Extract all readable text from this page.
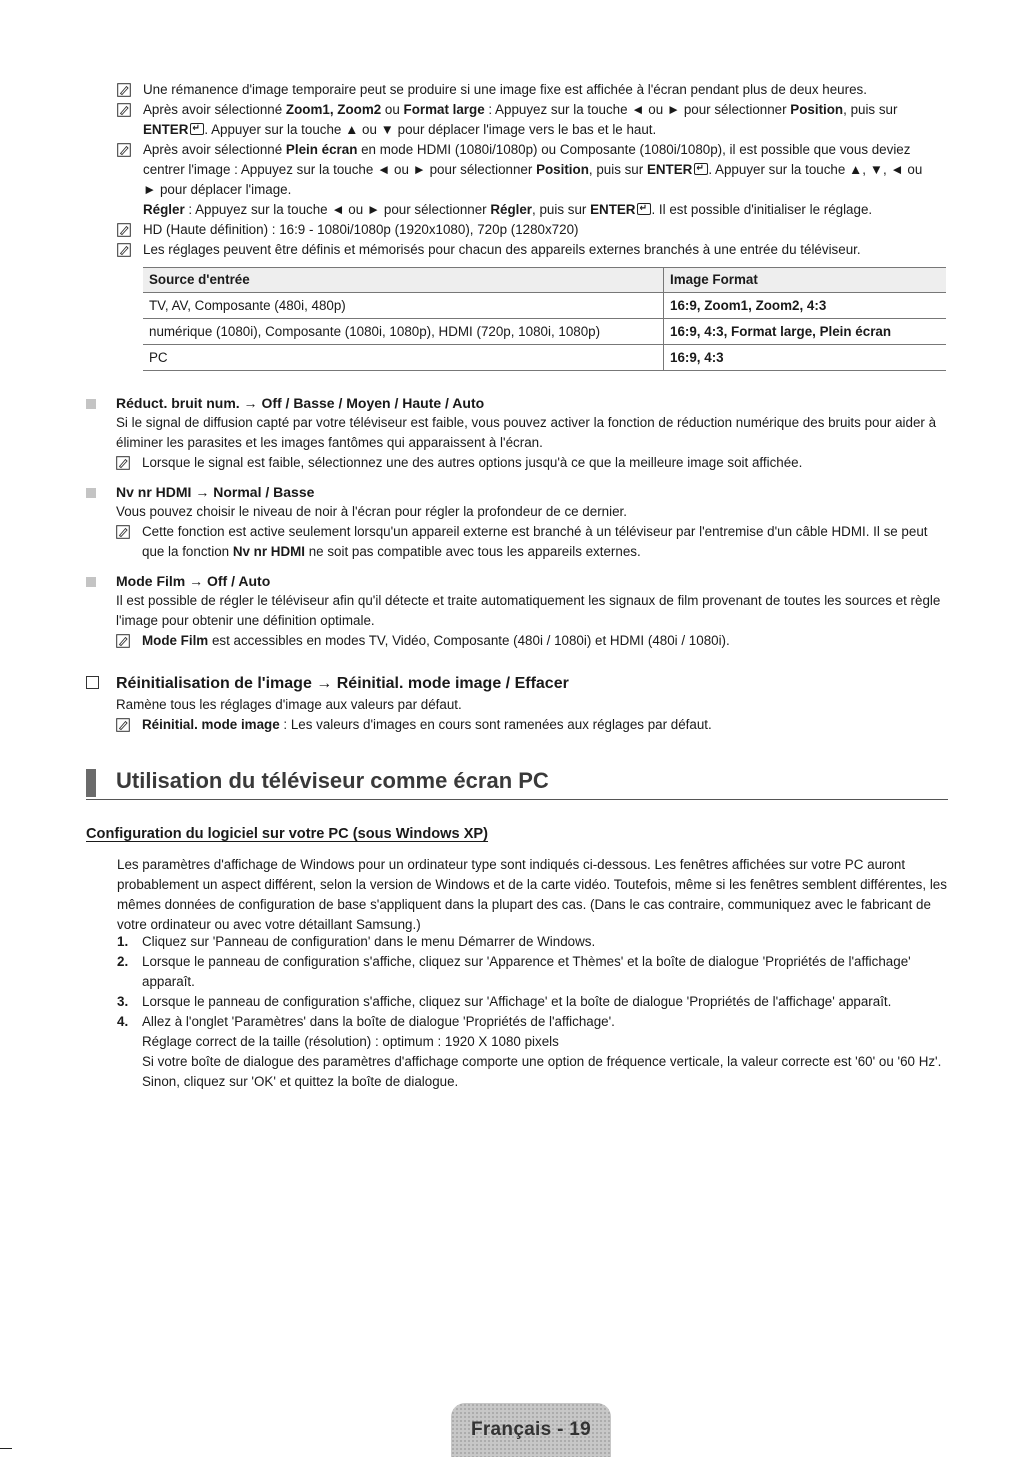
Une rémanence d'image temporaire peut se produire si une image fixe est affichée à l'écran pendant plus de deux heures.
Après avoir sélectionné Zoom1, Zoom2 ou Format large : Appuyez sur la touche ◄ ou ► pour sélectionner Position, puis sur
ENTER ↵ . Appuyer sur la touche ▲ ou ▼ pour déplacer l'image vers le bas et le haut.
Après avoir sélectionné Plein écran en mode HDMI (1080i/1080p) ou Composante (1080i/1080p), il est possible que vous deviez
centrer l'image : Appuyez sur la touche ◄ ou ► pour sélectionner Position, puis sur ENTER ↵ . Appuyer sur la touche ▲, ▼, ◄ ou
► pour déplacer l'image.
Régler : Appuyez sur la touche ◄ ou ► pour sélectionner Régler, puis sur ENTER ↵ . Il est possible d'initialiser le réglage.
HD (Haute définition) : 16:9 - 1080i/1080p (1920x1080), 720p (1280x720)
Les réglages peuvent être définis et mémorisés pour chacun des appareils externes branchés à une entrée du téléviseur.
Source d'entrée	Image Format
TV, AV, Composante (480i, 480p)	16:9, Zoom1, Zoom2, 4:3
numérique (1080i), Composante (1080i, 1080p), HDMI (720p, 1080i, 1080p)	16:9, 4:3, Format large, Plein écran
PC	16:9, 4:3
Réduct. bruit num. → Off / Basse / Moyen / Haute / Auto
Si le signal de diffusion capté par votre téléviseur est faible, vous pouvez activer la fonction de réduction numérique des bruits pour aider à éliminer les parasites et les images fantômes qui apparaissent à l'écran.
Lorsque le signal est faible, sélectionnez une des autres options jusqu'à ce que la meilleure image soit affichée.
Nv nr HDMI → Normal / Basse
Vous pouvez choisir le niveau de noir à l'écran pour régler la profondeur de ce dernier.
Cette fonction est active seulement lorsqu'un appareil externe est branché à un téléviseur par l'entremise d'un câble HDMI. Il se peut que la fonction Nv nr HDMI ne soit pas compatible avec tous les appareils externes.
Mode Film → Off / Auto
Il est possible de régler le téléviseur afin qu'il détecte et traite automatiquement les signaux de film provenant de toutes les sources et règle l'image pour obtenir une définition optimale.
Mode Film est accessibles en modes TV, Vidéo, Composante (480i / 1080i) et HDMI (480i / 1080i).
Réinitialisation de l'image → Réinitial. mode image / Effacer
Ramène tous les réglages d'image aux valeurs par défaut.
Réinitial. mode image : Les valeurs d'images en cours sont ramenées aux réglages par défaut.
Utilisation du téléviseur comme écran PC
Configuration du logiciel sur votre PC (sous Windows XP)
Les paramètres d'affichage de Windows pour un ordinateur type sont indiqués ci-dessous. Les fenêtres affichées sur votre PC auront probablement un aspect différent, selon la version de Windows et de la carte vidéo. Toutefois, même si les fenêtres semblent différentes, les mêmes données de configuration de base s'appliquent dans la plupart des cas. (Dans le cas contraire, communiquez avec le fabricant de votre ordinateur ou avec votre détaillant Samsung.)
1. Cliquez sur 'Panneau de configuration' dans le menu Démarrer de Windows.
2. Lorsque le panneau de configuration s'affiche, cliquez sur 'Apparence et Thèmes' et la boîte de dialogue 'Propriétés de l'affichage' apparaît.
3. Lorsque le panneau de configuration s'affiche, cliquez sur 'Affichage' et la boîte de dialogue 'Propriétés de l'affichage' apparaît.
4. Allez à l'onglet 'Paramètres' dans la boîte de dialogue 'Propriétés de l'affichage'.
Réglage correct de la taille (résolution) : optimum : 1920 X 1080 pixels
Si votre boîte de dialogue des paramètres d'affichage comporte une option de fréquence verticale, la valeur correcte est '60' ou '60 Hz'. Sinon, cliquez sur 'OK' et quittez la boîte de dialogue.
Français - 19
